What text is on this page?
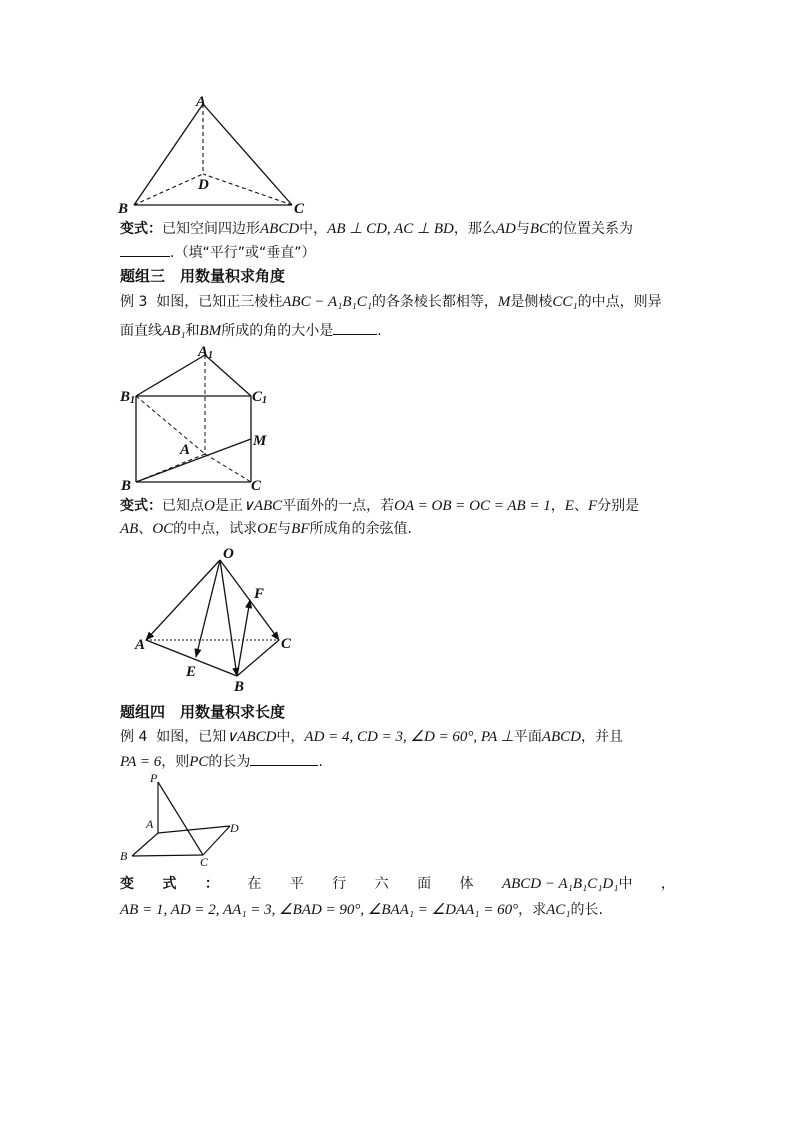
A
D
B	C
变式：已知空间四边形ABCD中，AB ⊥ CD, AC ⊥ BD，那么AD与BC的位置关系为
.（填“平行”或“垂直”）
题组三　用数量积求角度
例 3 如图，已知正三棱柱ABC − A₁B₁C₁的各条棱长都相等，M是侧棱CC₁的中点，则异
面直线AB₁和BM所成的角的大小是	.
A1
B1	C1
A
M
B	C
变式：已知点O是正∨ABC平面外的一点，若OA = OB = OC = AB = 1，E、F分别是
AB、OC的中点，试求OE与BF所成角的余弦值.
O
F
A	C
E
B
题组四　用数量积求长度
例 4 如图，已知∨ABCD中，AD = 4, CD = 3, ∠D = 60°, PA ⊥平面ABCD，并且
PA = 6，则PC的长为	.
P
A	D
B	C
变 式 ： 在 平 行 六 面 体 ABCD − A₁B₁C₁D₁中 ，
AB = 1, AD = 2, AA₁ = 3, ∠BAD = 90°, ∠BAA₁ = ∠DAA₁ = 60°，求AC₁的长.
